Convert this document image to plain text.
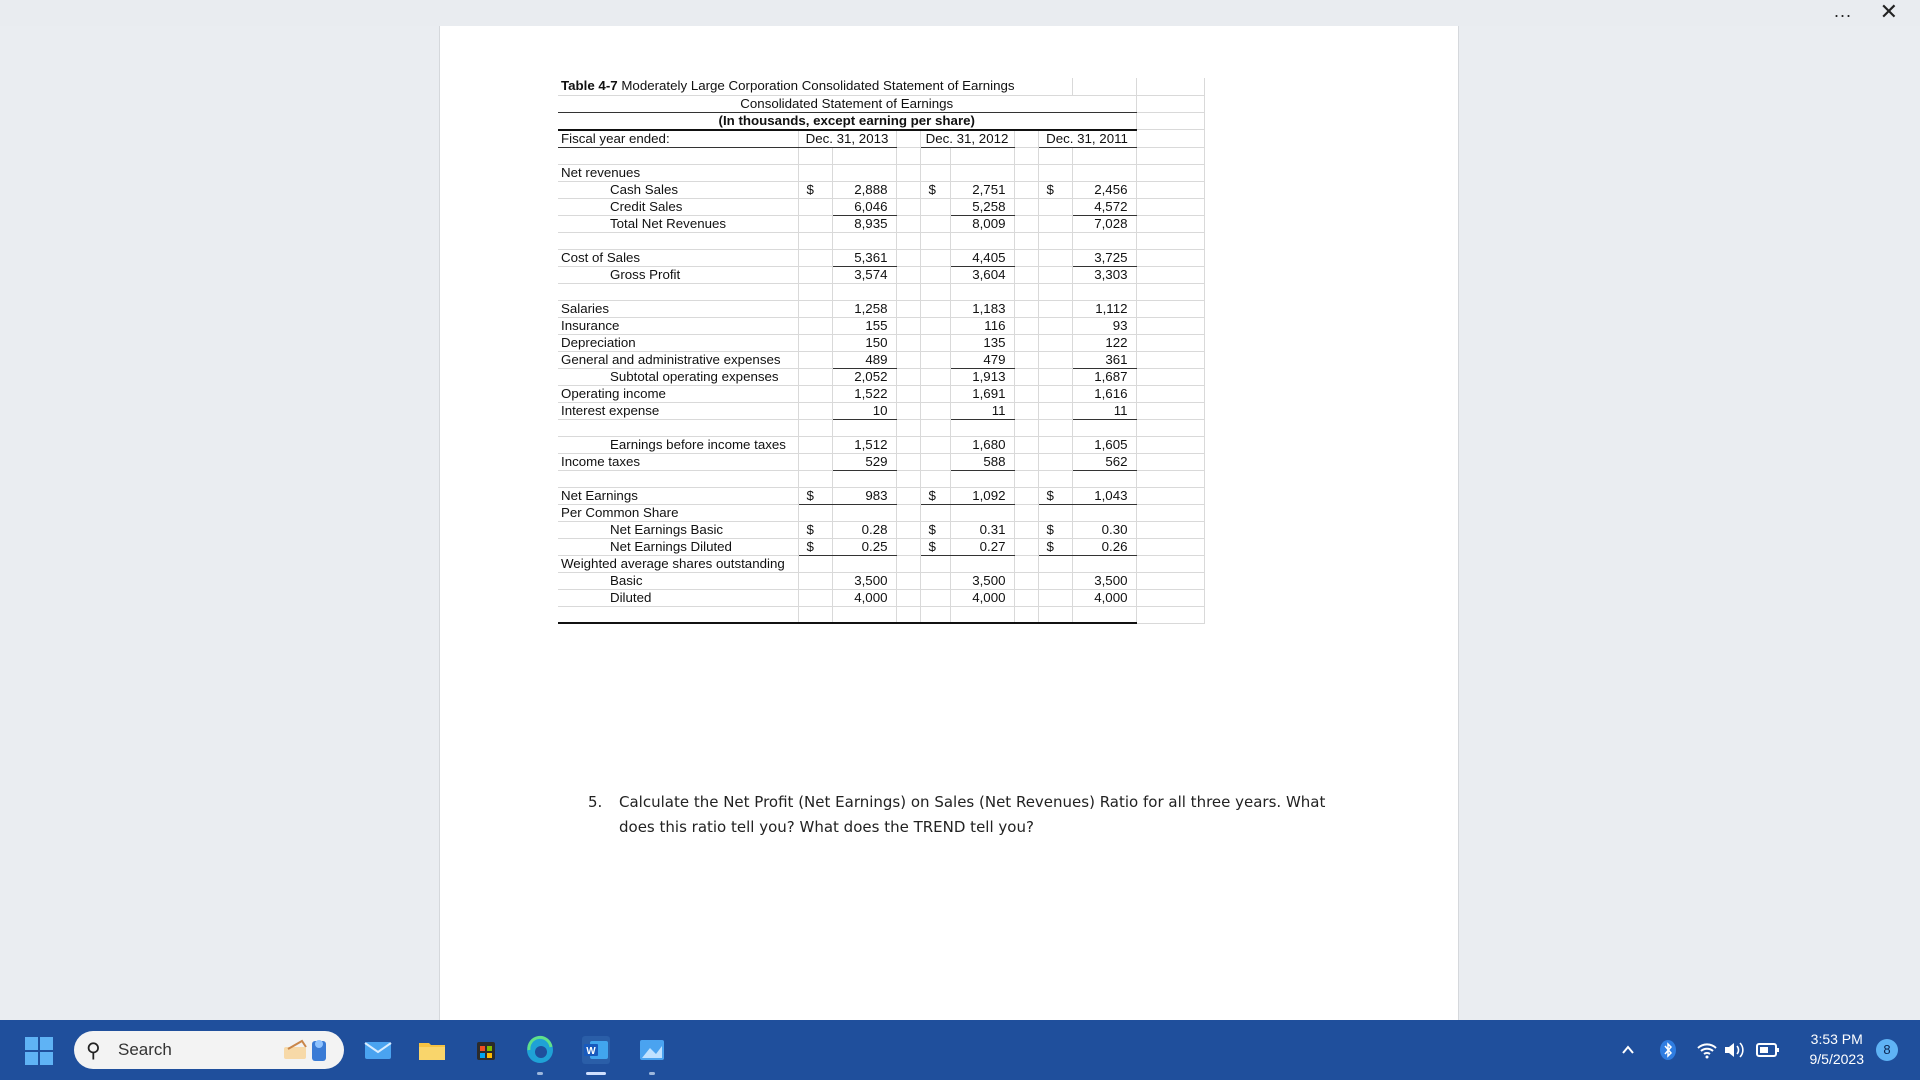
... ✕
Table 4-7 Moderately Large Corporation Consolidated Statement of Earnings									
Consolidated Statement of Earnings									
(In thousands, except earning per share)									
Fiscal year ended:	Dec. 31, 2013			Dec. 31, 2012			Dec. 31, 2011		

Net revenues									
Cash Sales	$	2,888		$	2,751		$	2,456	
Credit Sales		6,046			5,258			4,572	
Total Net Revenues		8,935			8,009			7,028	

Cost of Sales		5,361			4,405			3,725	
Gross Profit		3,574			3,604			3,303	

Salaries		1,258			1,183			1,112	
Insurance		155			116			93	
Depreciation		150			135			122	
General and administrative expenses		489			479			361	
Subtotal operating expenses		2,052			1,913			1,687	
Operating income		1,522			1,691			1,616	
Interest expense		10			11			11	

Earnings before income taxes		1,512			1,680			1,605	
Income taxes		529			588			562	

Net Earnings	$	983		$	1,092		$	1,043	
Per Common Share									
Net Earnings Basic	$	0.28		$	0.31		$	0.30	
Net Earnings Diluted	$	0.25		$	0.27		$	0.26	
Weighted average shares outstanding									
Basic		3,500			3,500			3,500	
Diluted		4,000			4,000			4,000	

5. Calculate the Net Profit (Net Earnings) on Sales (Net Revenues) Ratio for all three years. What does this ratio tell you? What does the TREND tell you?
⚲ Search	W
3:53 PM
9/5/2023
8
